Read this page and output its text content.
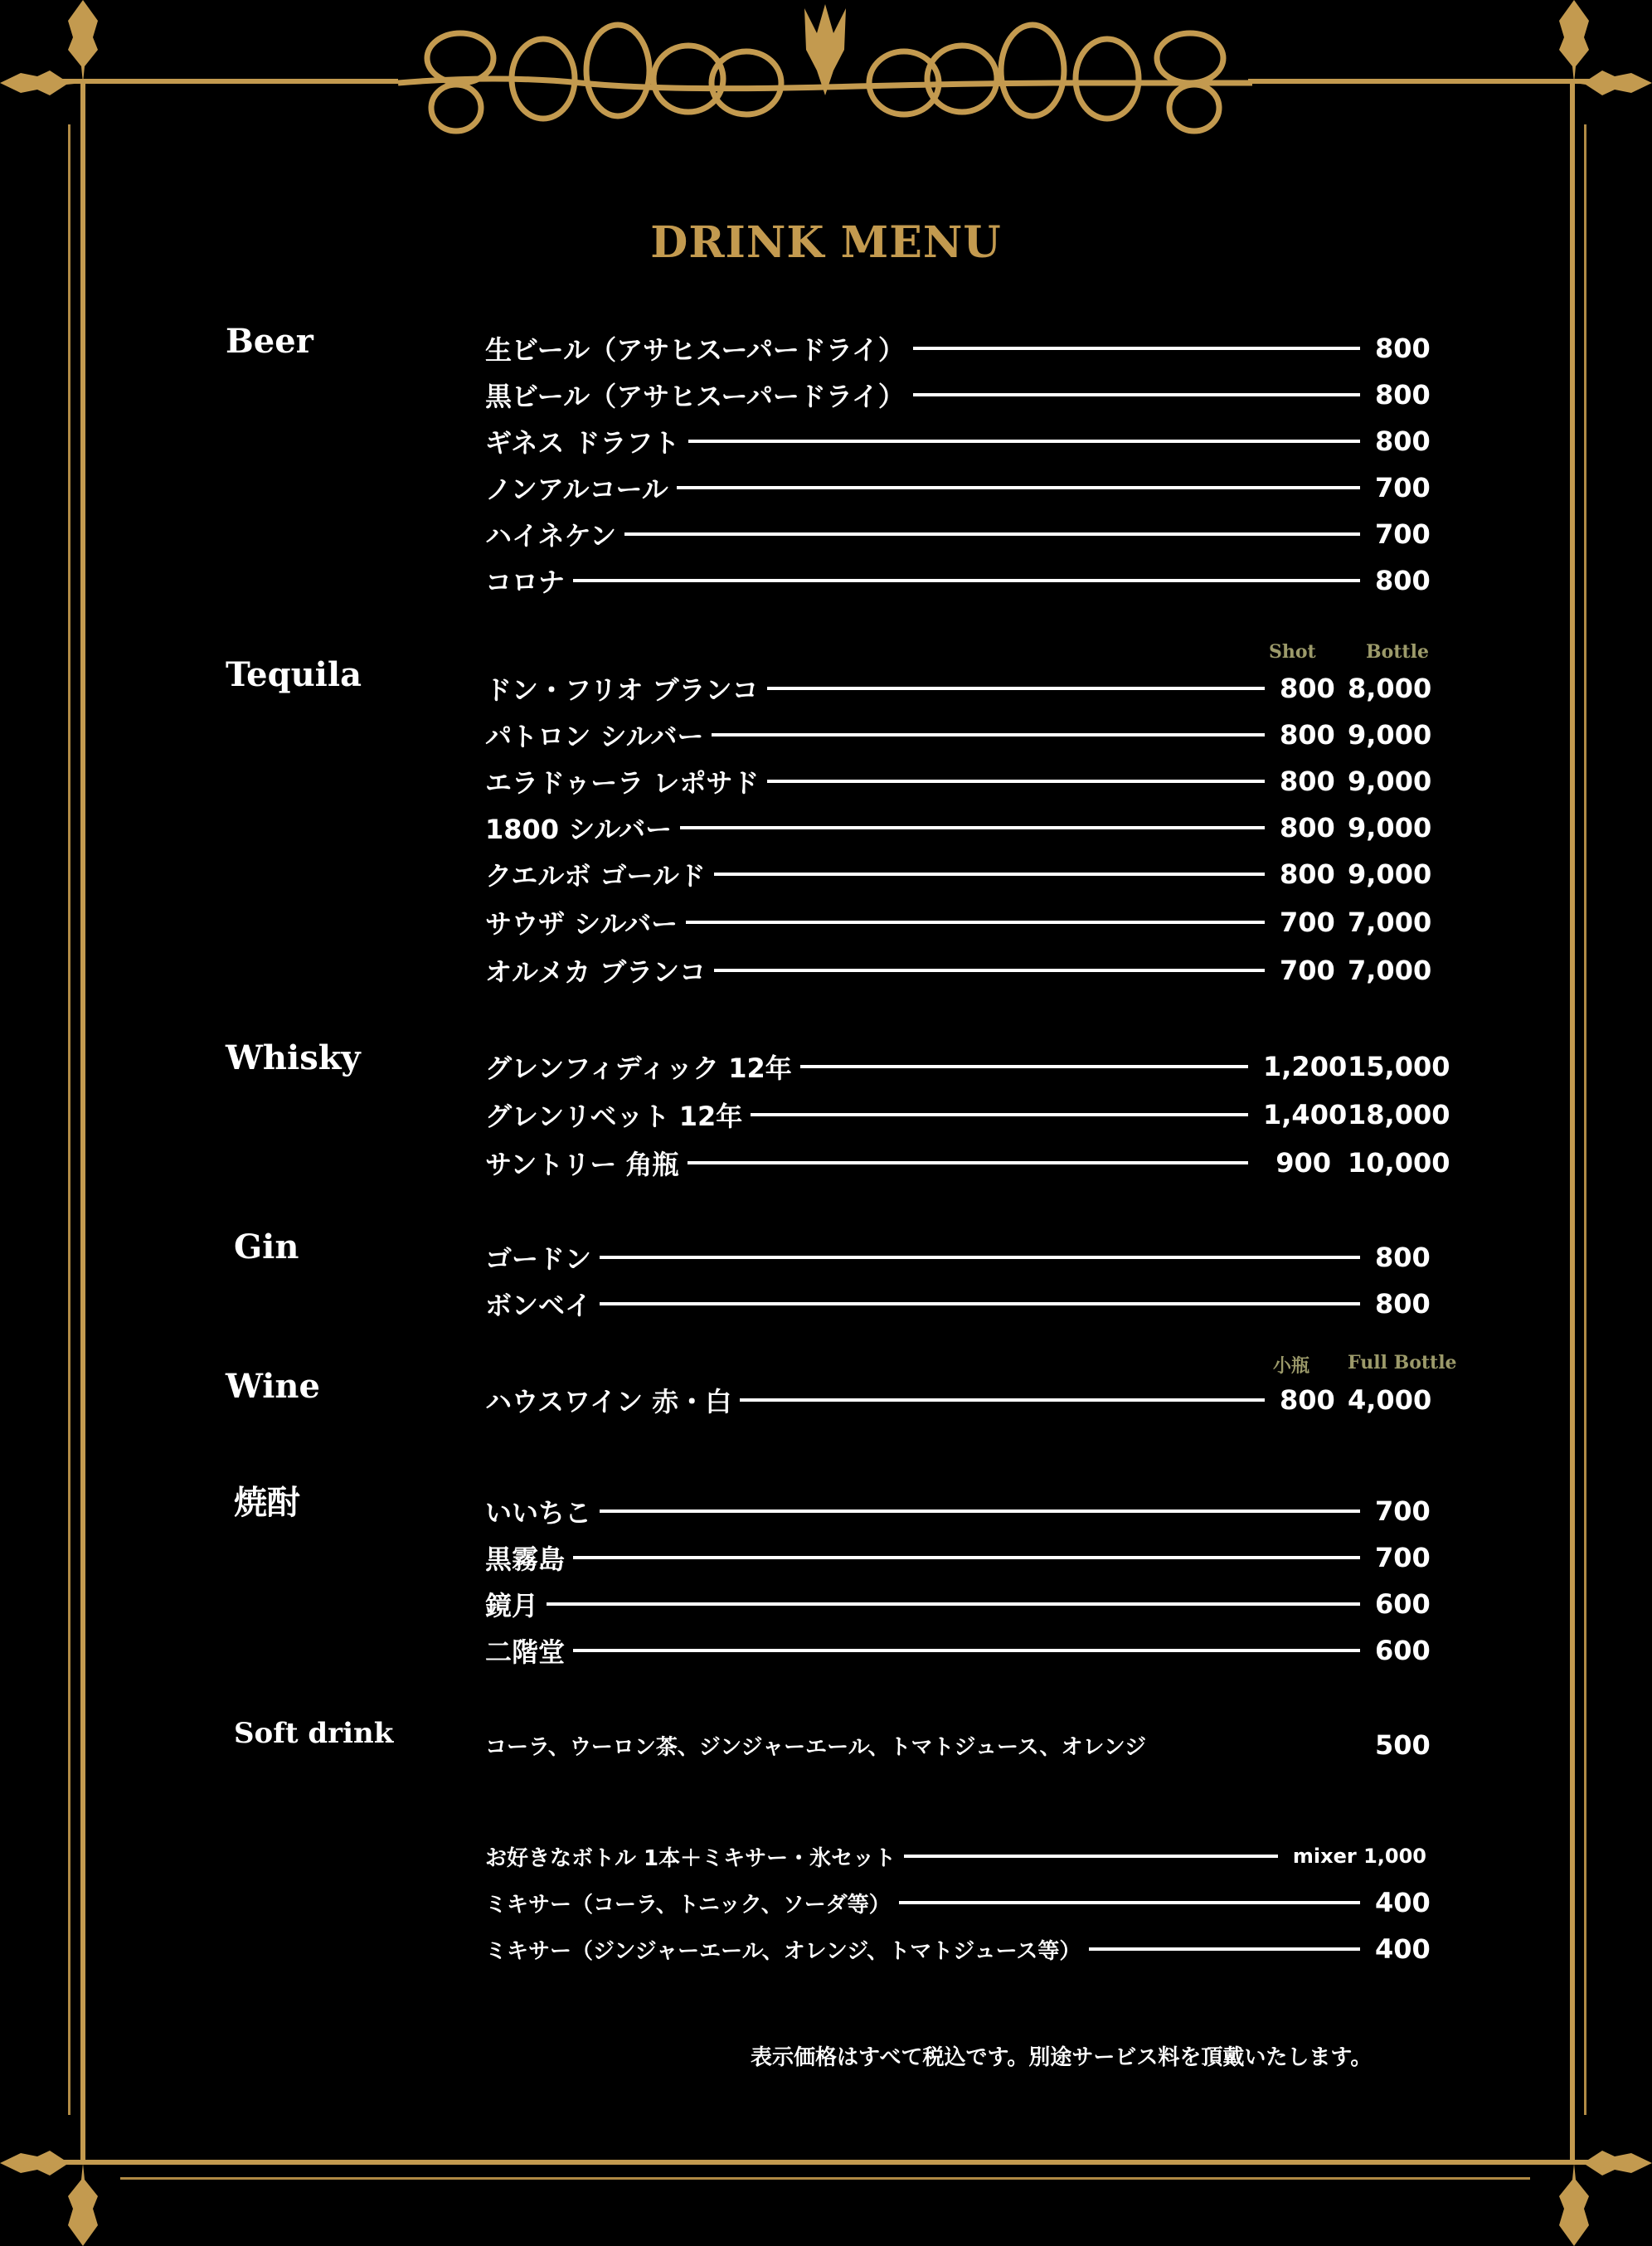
DRINK MENU
Beer	生ビール（アサヒスーパードライ）	800
黒ビール（アサヒスーパードライ）	800
ギネス ドラフト	800
ノンアルコール	700
ハイネケン	700
コロナ	800
Tequila
Shot	Bottle
ドン・フリオ ブランコ	800 8,000
パトロン シルバー	800 9,000
エラドゥーラ レポサド	800 9,000
1800 シルバー	800 9,000
クエルボ ゴールド	800 9,000
サウザ シルバー	700 7,000
オルメカ ブランコ	700 7,000
Whisky	グレンフィディック 12年	1,200 15,000
グレンリベット 12年	1,400 18,000
サントリー 角瓶	900 10,000
Gin	ゴードン	800
ボンベイ	800
Wine
小瓶 Full Bottle
ハウスワイン 赤・白	800 4,000
焼酎	いいちこ	700
黒霧島	700
鏡月	600
二階堂	600
Soft drink	コーラ、ウーロン茶、ジンジャーエール、トマトジュース、オレンジ	500
お好きなボトル 1本＋ミキサー・氷セット	mixer 1,000
ミキサー（コーラ、トニック、ソーダ等）	400
ミキサー（ジンジャーエール、オレンジ、トマトジュース等）	400
表示価格はすべて税込です。別途サービス料を頂戴いたします。
